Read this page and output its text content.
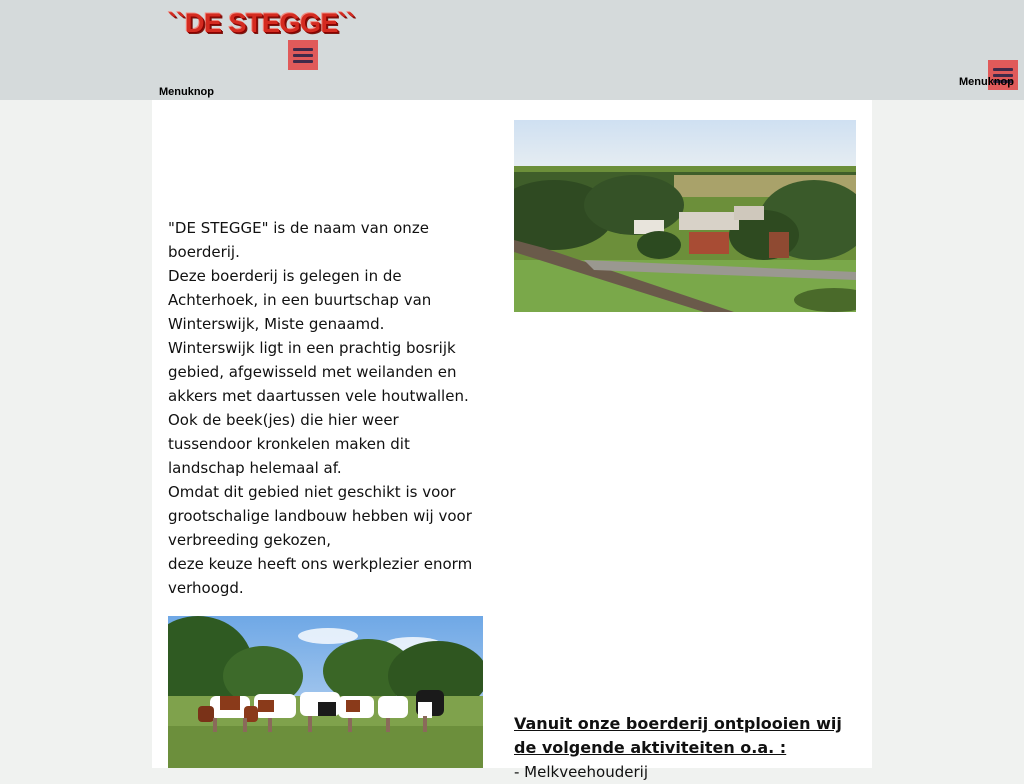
``DE STEGGE``
Menuknop
Menuknop
"DE STEGGE" is de naam van onze boerderij.
Deze boerderij is gelegen in de Achterhoek, in een buurtschap van Winterswijk, Miste genaamd.
Winterswijk ligt in een prachtig bosrijk gebied, afgewisseld met weilanden en akkers met daartussen vele houtwallen.
Ook de beek(jes) die hier weer tussendoor kronkelen maken dit landschap helemaal af.
Omdat dit gebied niet geschikt is voor grootschalige landbouw hebben wij voor verbreeding gekozen,
deze keuze heeft ons werkplezier enorm verhoogd.
Vanuit onze boerderij ontplooien wij de volgende aktiviteiten o.a. :
- Melkveehouderij
